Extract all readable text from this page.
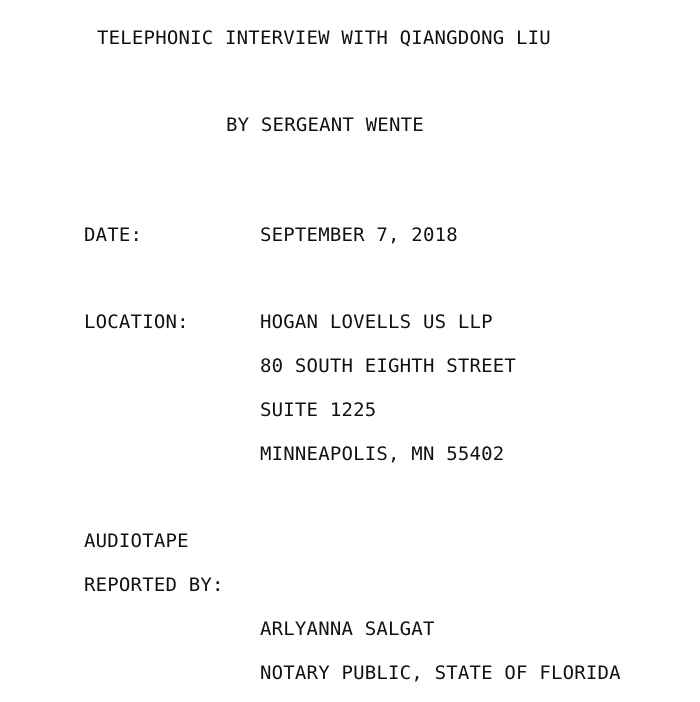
TELEPHONIC INTERVIEW WITH QIANGDONG LIU
BY SERGEANT WENTE
DATE:	SEPTEMBER 7, 2018
LOCATION:	HOGAN LOVELLS US LLP
80 SOUTH EIGHTH STREET
SUITE 1225
MINNEAPOLIS, MN 55402
AUDIOTAPE
REPORTED BY:
ARLYANNA SALGAT
NOTARY PUBLIC, STATE OF FLORIDA
